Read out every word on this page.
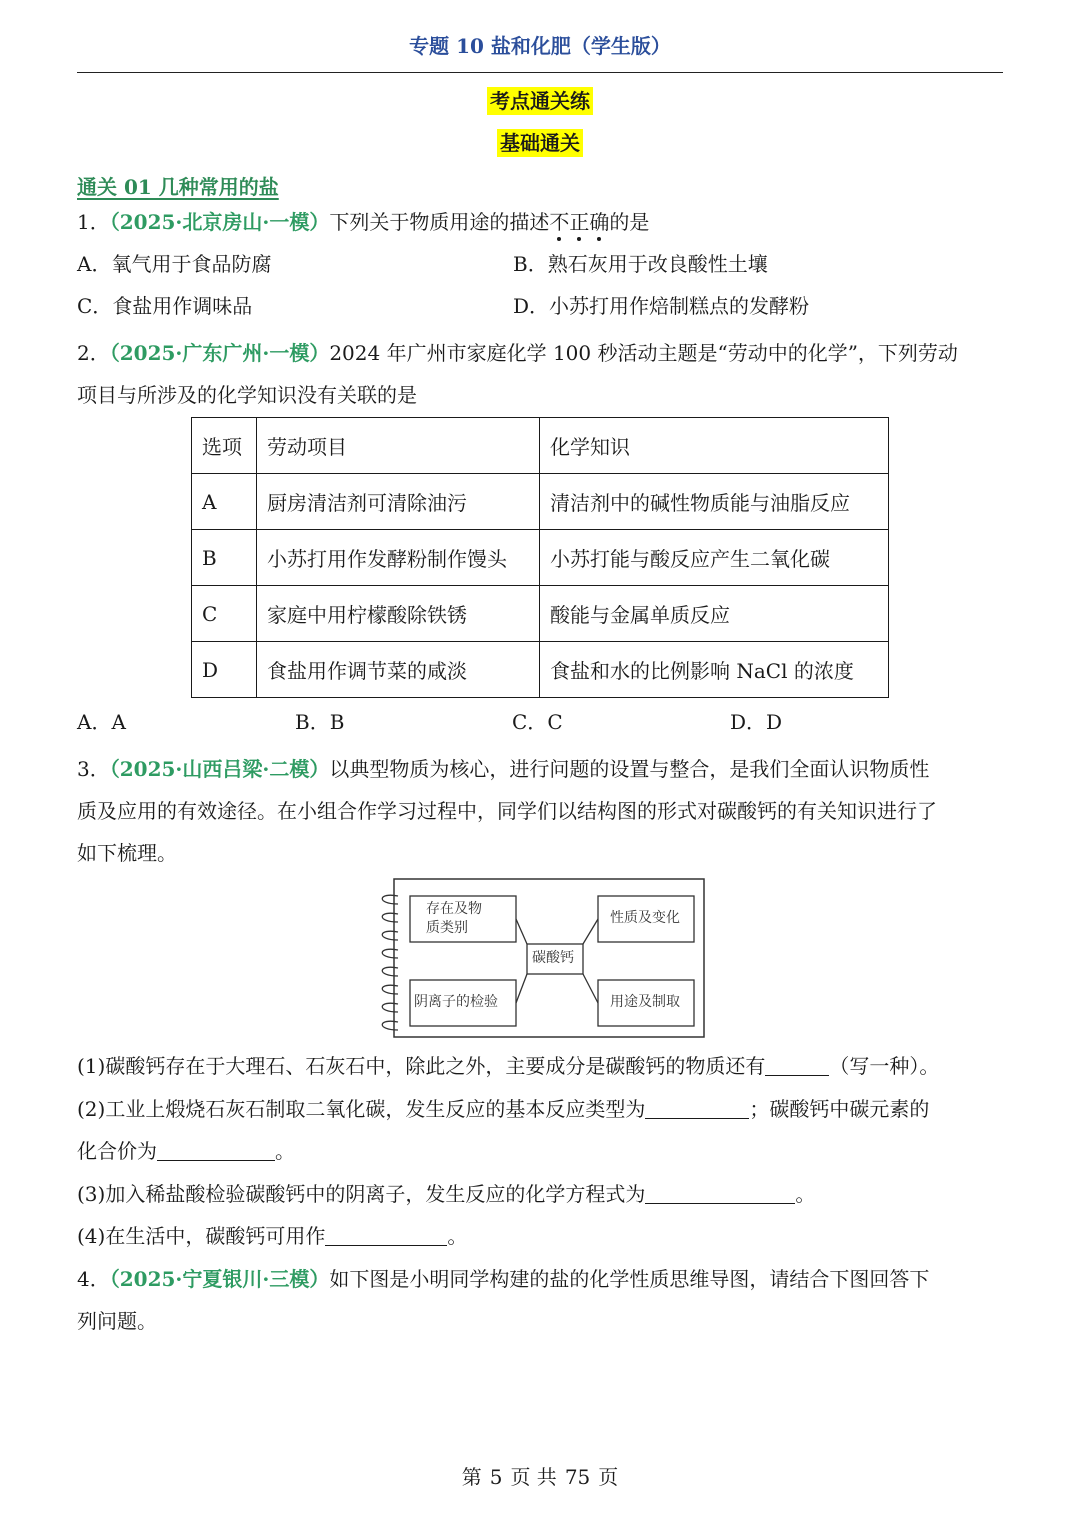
专题 10 盐和化肥（学生版）
考点通关练
基础通关
通关 01 几种常用的盐
1．（2025·北京房山·一模）下列关于物质用途的描述不正确的是
A．氧气用于食品防腐	B．熟石灰用于改良酸性土壤
C．食盐用作调味品	D．小苏打用作焙制糕点的发酵粉
2．（2025·广东广州·一模）2024 年广州市家庭化学 100 秒活动主题是“劳动中的化学”，下列劳动
项目与所涉及的化学知识没有关联的是
选项	劳动项目	化学知识
A	厨房清洁剂可清除油污	清洁剂中的碱性物质能与油脂反应
B	小苏打用作发酵粉制作馒头	小苏打能与酸反应产生二氧化碳
C	家庭中用柠檬酸除铁锈	酸能与金属单质反应
D	食盐用作调节菜的咸淡	食盐和水的比例影响 NaCl 的浓度
A．A	B．B	C．C	D．D
3．（2025·山西吕梁·二模）以典型物质为核心，进行问题的设置与整合，是我们全面认识物质性
质及应用的有效途径。在小组合作学习过程中，同学们以结构图的形式对碳酸钙的有关知识进行了
如下梳理。
存在及物
质类别
性质及变化
碳酸钙
阴离子的检验	用途及制取
(1)碳酸钙存在于大理石、石灰石中，除此之外，主要成分是碳酸钙的物质还有	（写一种）。
(2)工业上煅烧石灰石制取二氧化碳，发生反应的基本反应类型为	；碳酸钙中碳元素的
化合价为	。
(3)加入稀盐酸检验碳酸钙中的阴离子，发生反应的化学方程式为	。
(4)在生活中，碳酸钙可用作	。
4．（2025·宁夏银川·三模）如下图是小明同学构建的盐的化学性质思维导图，请结合下图回答下
列问题。
第 5 页 共 75 页
